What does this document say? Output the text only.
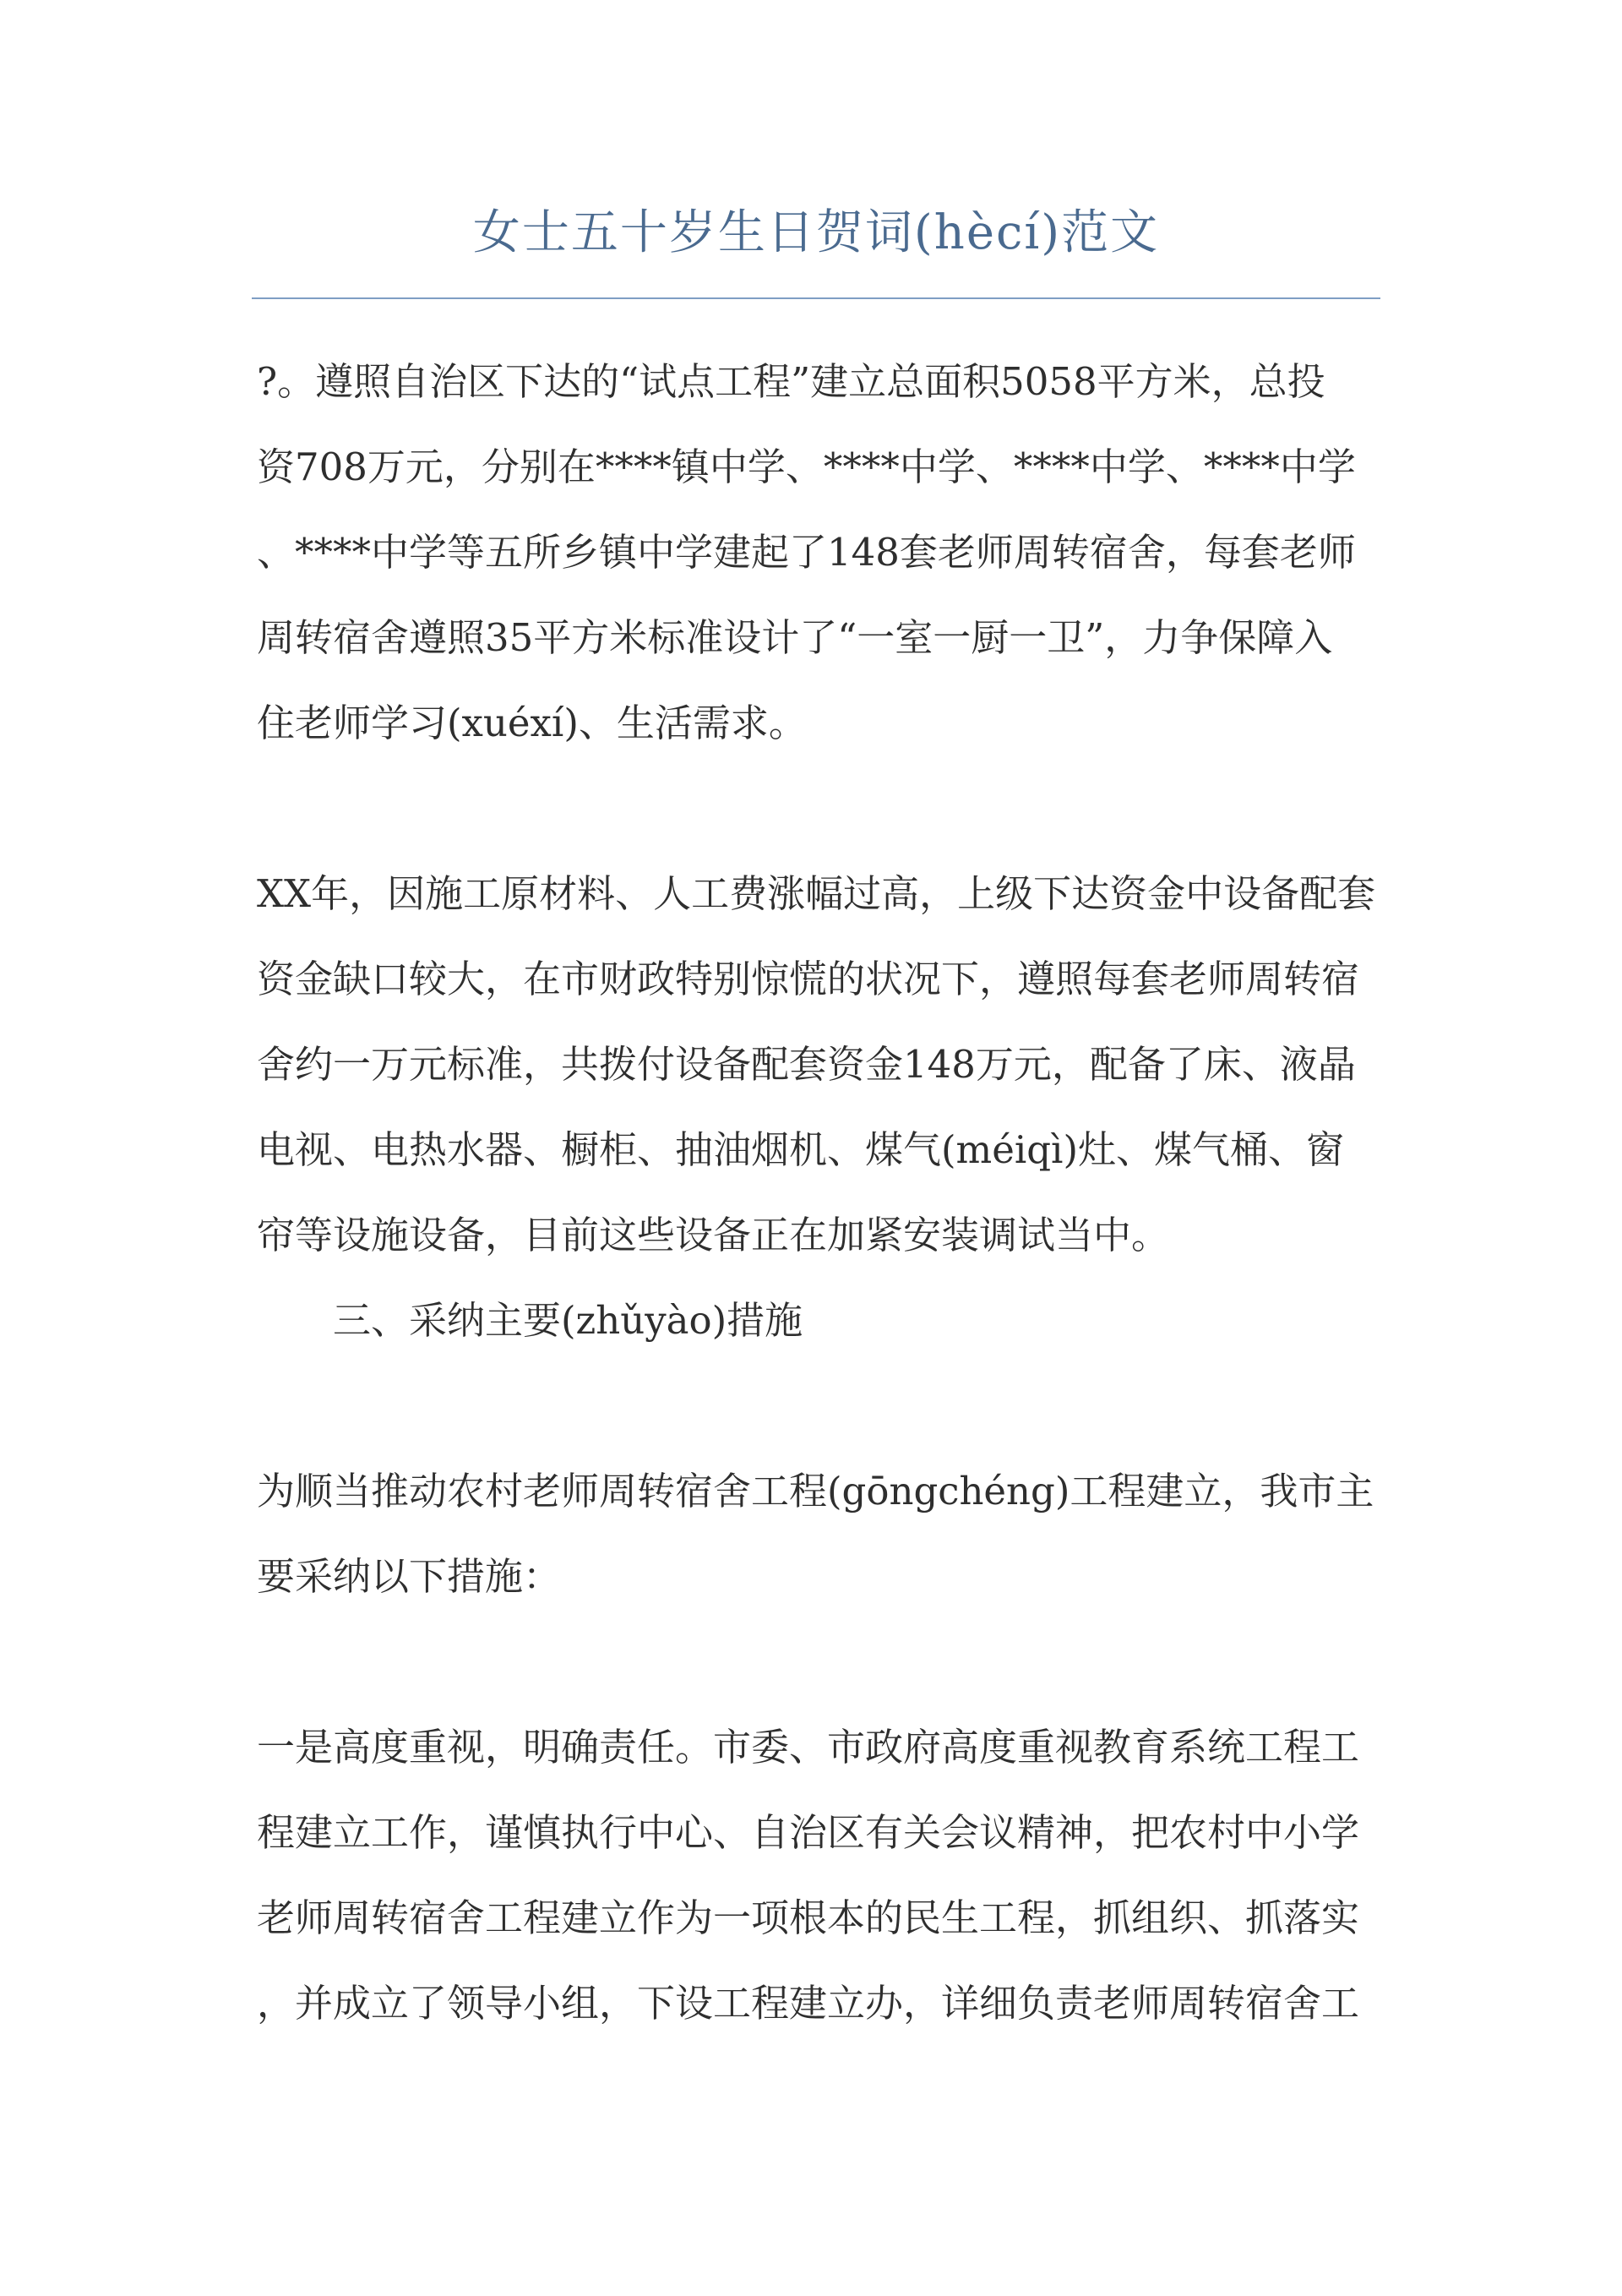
女士五十岁生日贺词(hècí)范文
?。遵照自治区下达的“试点工程”建立总面积5058平方米，总投
资708万元，分别在****镇中学、****中学、****中学、****中学
、****中学等五所乡镇中学建起了148套老师周转宿舍，每套老师
周转宿舍遵照35平方米标准设计了“一室一厨一卫”，力争保障入
住老师学习(xuéxí)、生活需求。
XX年，因施工原材料、人工费涨幅过高，上级下达资金中设备配套
资金缺口较大，在市财政特别惊慌的状况下，遵照每套老师周转宿
舍约一万元标准，共拨付设备配套资金148万元，配备了床、液晶
电视、电热水器、橱柜、抽油烟机、煤气(méiqì)灶、煤气桶、窗
帘等设施设备，目前这些设备正在加紧安装调试当中。
三、采纳主要(zhǔyào)措施
为顺当推动农村老师周转宿舍工程(gōngchéng)工程建立，我市主
要采纳以下措施：
一是高度重视，明确责任。市委、市政府高度重视教育系统工程工
程建立工作，谨慎执行中心、自治区有关会议精神，把农村中小学
老师周转宿舍工程建立作为一项根本的民生工程，抓组织、抓落实
，并成立了领导小组，下设工程建立办，详细负责老师周转宿舍工
